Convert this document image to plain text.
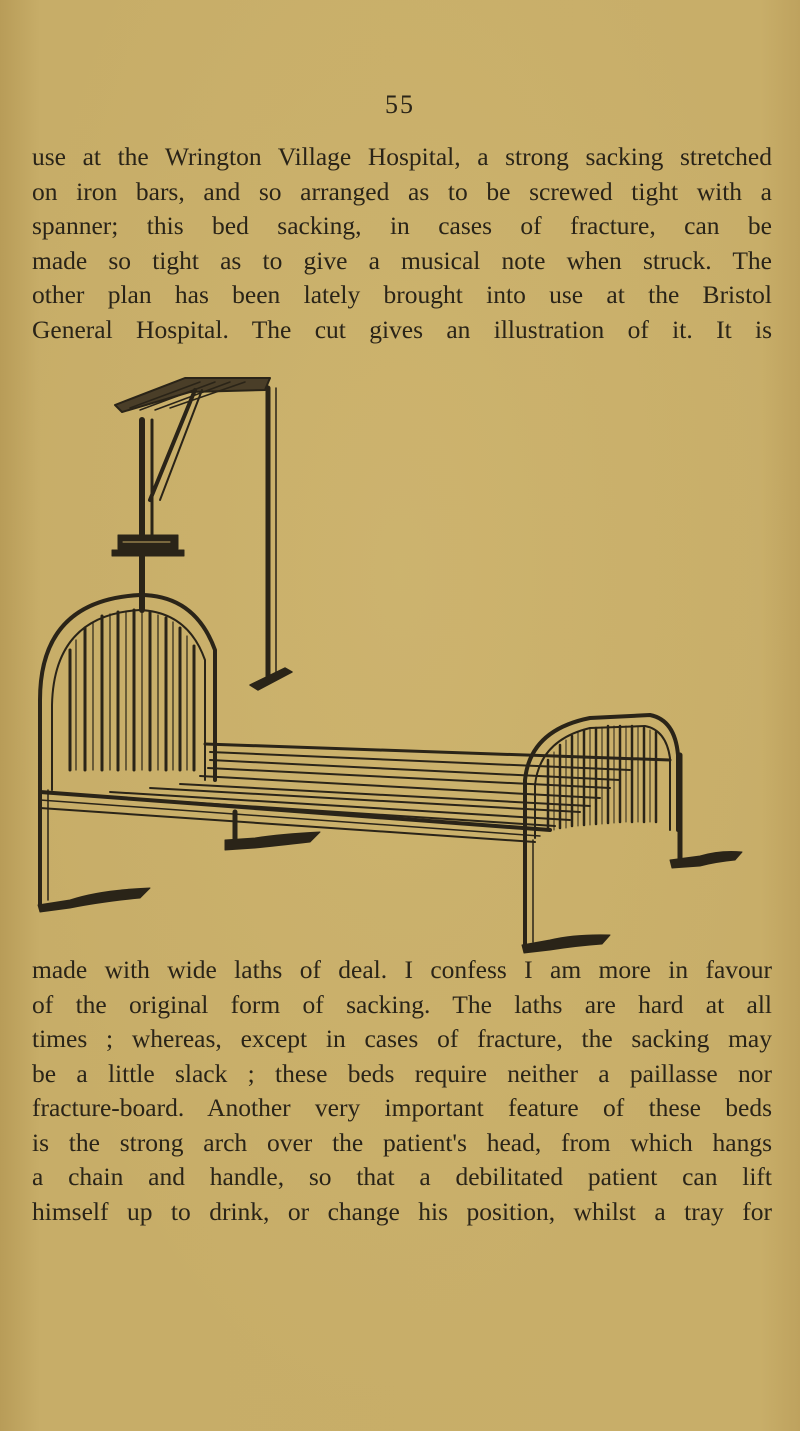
55
use at the Wrington Village Hospital, a strong sacking stretched
on iron bars, and so arranged as to be screwed tight with a
spanner; this bed sacking, in cases of fracture, can be
made so tight as to give a musical note when struck. The
other plan has been lately brought into use at the Bristol
General Hospital. The cut gives an illustration of it. It is
made with wide laths of deal. I confess I am more in favour
of the original form of sacking. The laths are hard at all
times ; whereas, except in cases of fracture, the sacking may
be a little slack ; these beds require neither a paillasse nor
fracture-board. Another very important feature of these beds
is the strong arch over the patient's head, from which hangs
a chain and handle, so that a debilitated patient can lift
himself up to drink, or change his position, whilst a tray for
